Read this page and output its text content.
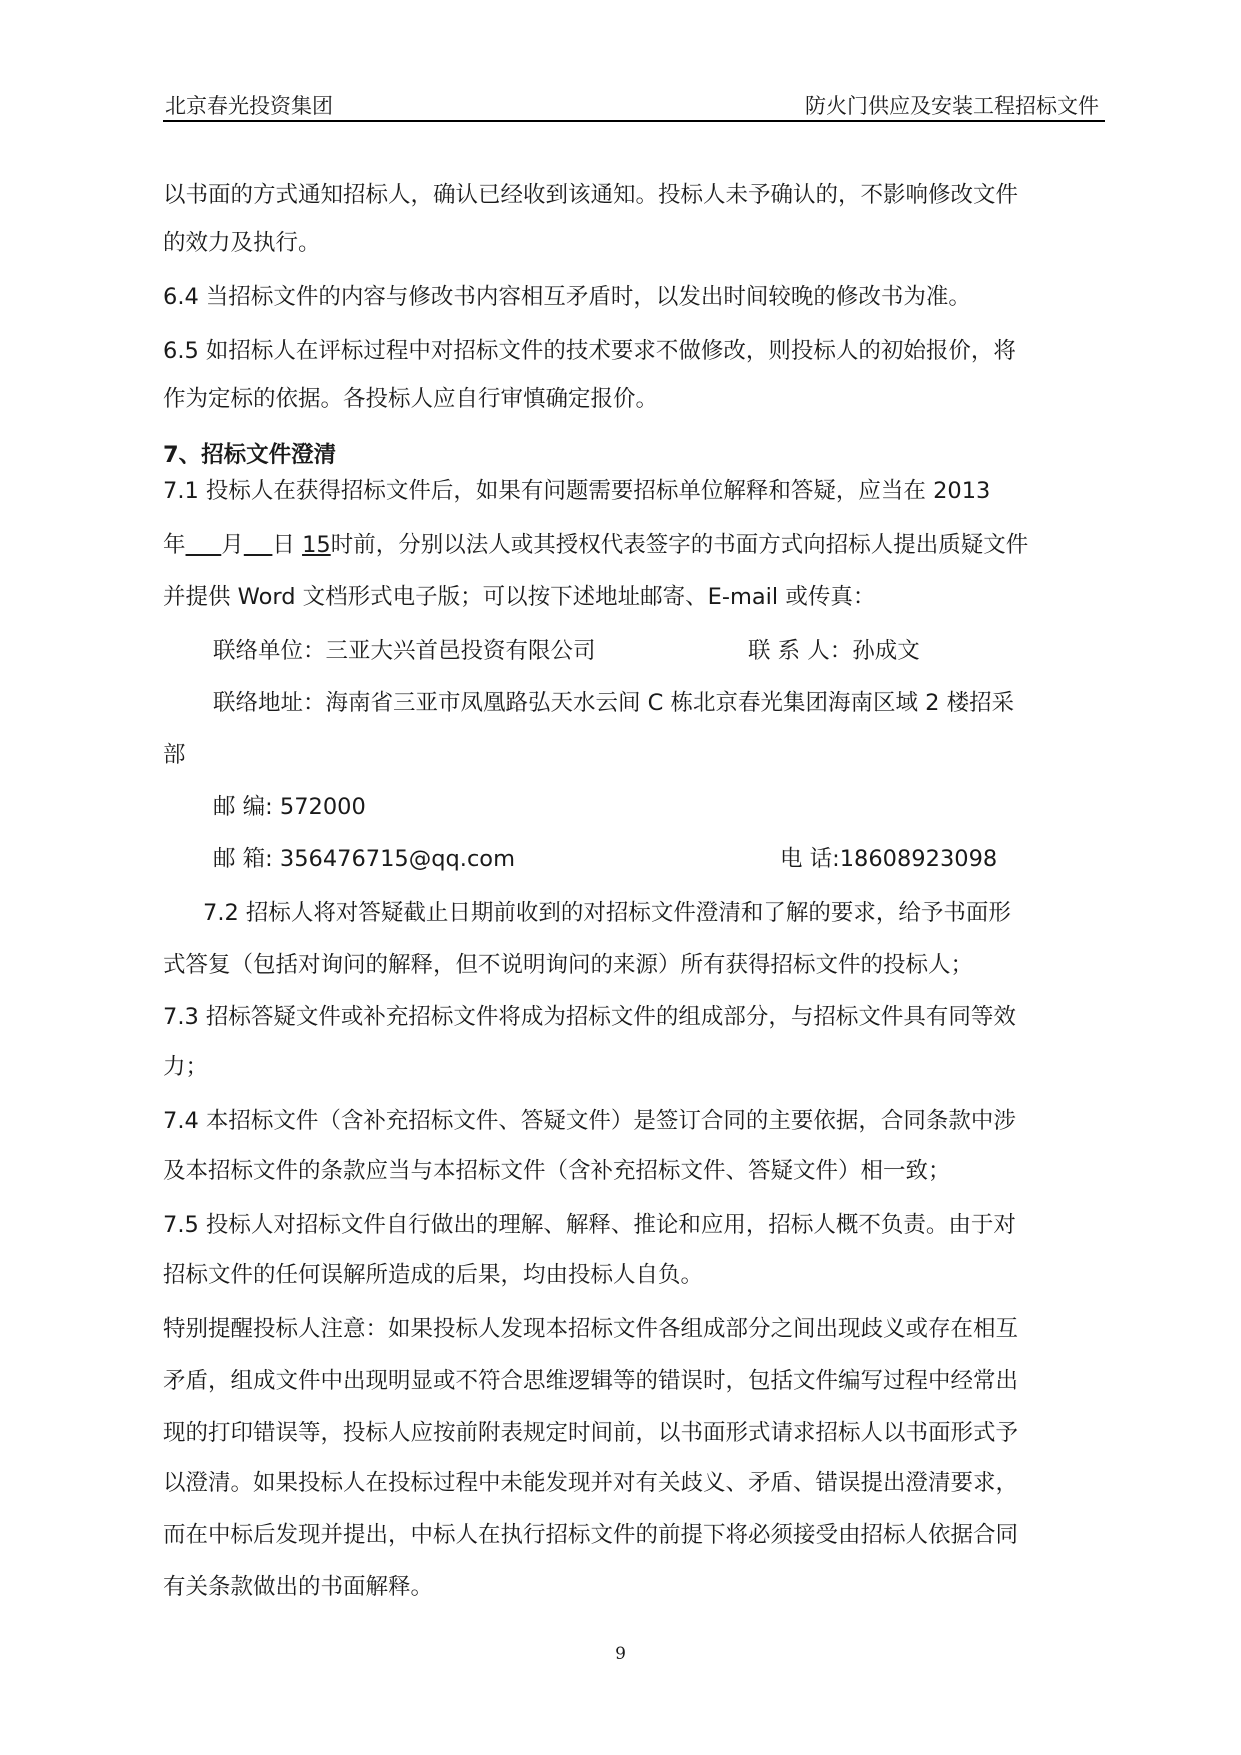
北京春光投资集团	防火门供应及安装工程招标文件
以书面的方式通知招标人，确认已经收到该通知。投标人未予确认的，不影响修改文件
的效力及执行。
6.4 当招标文件的内容与修改书内容相互矛盾时，以发出时间较晚的修改书为准。
6.5 如招标人在评标过程中对招标文件的技术要求不做修改，则投标人的初始报价，将
作为定标的依据。各投标人应自行审慎确定报价。
7、招标文件澄清
7.1 投标人在获得招标文件后，如果有问题需要招标单位解释和答疑，应当在 2013
年 月 日 15时前，分别以法人或其授权代表签字的书面方式向招标人提出质疑文件
并提供 Word 文档形式电子版；可以按下述地址邮寄、E-mail 或传真：
联络单位：三亚大兴首邑投资有限公司	联 系 人：孙成文
联络地址：海南省三亚市凤凰路弘天水云间 C 栋北京春光集团海南区域 2 楼招采
部
邮 编: 572000
邮 箱: 356476715@qq.com	电 话:18608923098
7.2 招标人将对答疑截止日期前收到的对招标文件澄清和了解的要求，给予书面形
式答复（包括对询问的解释，但不说明询问的来源）所有获得招标文件的投标人；
7.3 招标答疑文件或补充招标文件将成为招标文件的组成部分，与招标文件具有同等效
力；
7.4 本招标文件（含补充招标文件、答疑文件）是签订合同的主要依据，合同条款中涉
及本招标文件的条款应当与本招标文件（含补充招标文件、答疑文件）相一致；
7.5 投标人对招标文件自行做出的理解、解释、推论和应用，招标人概不负责。由于对
招标文件的任何误解所造成的后果，均由投标人自负。
特别提醒投标人注意：如果投标人发现本招标文件各组成部分之间出现歧义或存在相互
矛盾，组成文件中出现明显或不符合思维逻辑等的错误时，包括文件编写过程中经常出
现的打印错误等，投标人应按前附表规定时间前，以书面形式请求招标人以书面形式予
以澄清。如果投标人在投标过程中未能发现并对有关歧义、矛盾、错误提出澄清要求，
而在中标后发现并提出，中标人在执行招标文件的前提下将必须接受由招标人依据合同
有关条款做出的书面解释。
9
